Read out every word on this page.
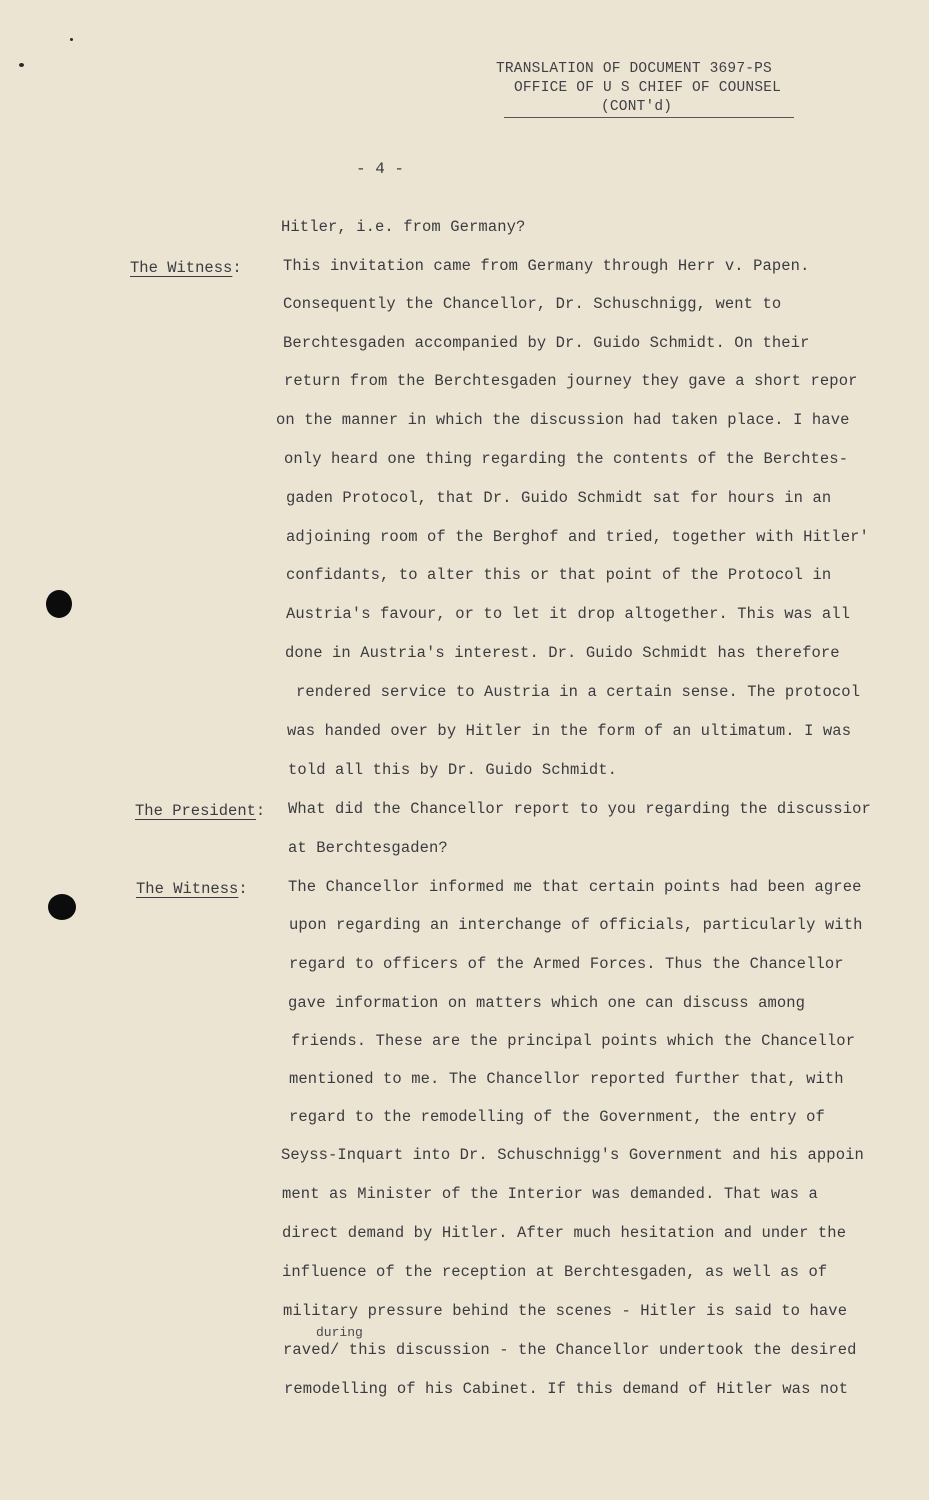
TRANSLATION OF DOCUMENT 3697-PS
OFFICE OF U S CHIEF OF COUNSEL
(CONT'd)
- 4 -
The Witness:
The President:
The Witness:
Hitler, i.e. from Germany?
This invitation came from Germany through Herr v. Papen.
Consequently the Chancellor, Dr. Schuschnigg, went to
Berchtesgaden accompanied by Dr. Guido Schmidt. On their
return from the Berchtesgaden journey they gave a short repor
on the manner in which the discussion had taken place. I have
only heard one thing regarding the contents of the Berchtes-
gaden Protocol, that Dr. Guido Schmidt sat for hours in an
adjoining room of the Berghof and tried, together with Hitler'
confidants, to alter this or that point of the Protocol in
Austria's favour, or to let it drop altogether. This was all
done in Austria's interest. Dr. Guido Schmidt has therefore
rendered service to Austria in a certain sense. The protocol
was handed over by Hitler in the form of an ultimatum. I was
told all this by Dr. Guido Schmidt.
What did the Chancellor report to you regarding the discussior
at Berchtesgaden?
The Chancellor informed me that certain points had been agree
upon regarding an interchange of officials, particularly with
regard to officers of the Armed Forces. Thus the Chancellor
gave information on matters which one can discuss among
friends. These are the principal points which the Chancellor
mentioned to me. The Chancellor reported further that, with
regard to the remodelling of the Government, the entry of
Seyss-Inquart into Dr. Schuschnigg's Government and his appoin
ment as Minister of the Interior was demanded. That was a
direct demand by Hitler. After much hesitation and under the
influence of the reception at Berchtesgaden, as well as of
military pressure behind the scenes - Hitler is said to have
during
raved/ this discussion - the Chancellor undertook the desired
remodelling of his Cabinet. If this demand of Hitler was not
